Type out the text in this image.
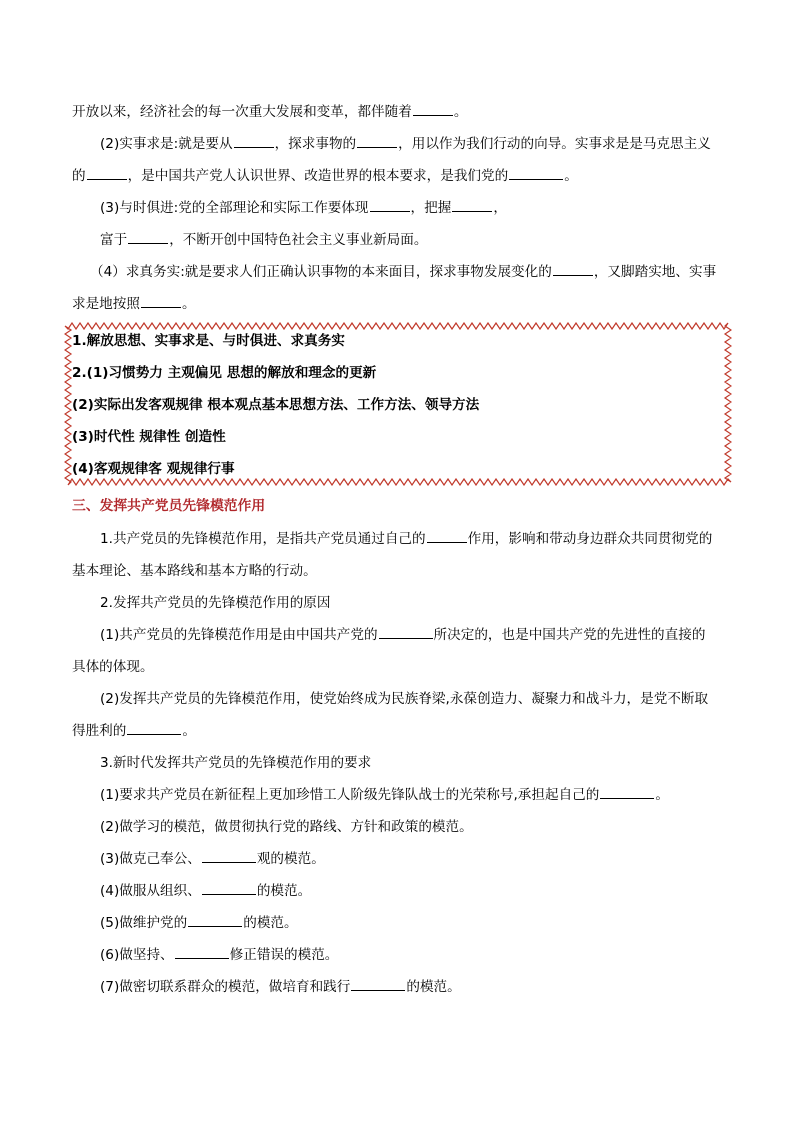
开放以来，经济社会的每一次重大发展和变革，都伴随着	。
(2)实事求是:就是要从	，探求事物的	，用以作为我们行动的向导。实事求是是马克思主义
的	，是中国共产党人认识世界、改造世界的根本要求，是我们党的	。
(3)与时俱进:党的全部理论和实际工作要体现	，把握	，
富于	，不断开创中国特色社会主义事业新局面。
（4）求真务实:就是要求人们正确认识事物的本来面目，探求事物发展变化的	，又脚踏实地、实事
求是地按照	。
1.解放思想、实事求是、与时俱进、求真务实
2.(1)习惯势力 主观偏见 思想的解放和理念的更新
(2)实际出发客观规律 根本观点基本思想方法、工作方法、领导方法
(3)时代性 规律性 创造性
(4)客观规律客 观规律行事
三、发挥共产党员先锋模范作用
1.共产党员的先锋模范作用，是指共产党员通过自己的	作用，影响和带动身边群众共同贯彻党的
基本理论、基本路线和基本方略的行动。
2.发挥共产党员的先锋模范作用的原因
(1)共产党员的先锋模范作用是由中国共产党的	所决定的，也是中国共产党的先进性的直接的
具体的体现。
(2)发挥共产党员的先锋模范作用，使党始终成为民族脊梁,永葆创造力、凝聚力和战斗力，是党不断取
得胜利的	。
3.新时代发挥共产党员的先锋模范作用的要求
(1)要求共产党员在新征程上更加珍惜工人阶级先锋队战士的光荣称号,承担起自己的	。
(2)做学习的模范，做贯彻执行党的路线、方针和政策的模范。
(3)做克己奉公、	观的模范。
(4)做服从组织、	的模范。
(5)做维护党的	的模范。
(6)做坚持、	修正错误的模范。
(7)做密切联系群众的模范，做培育和践行	的模范。
